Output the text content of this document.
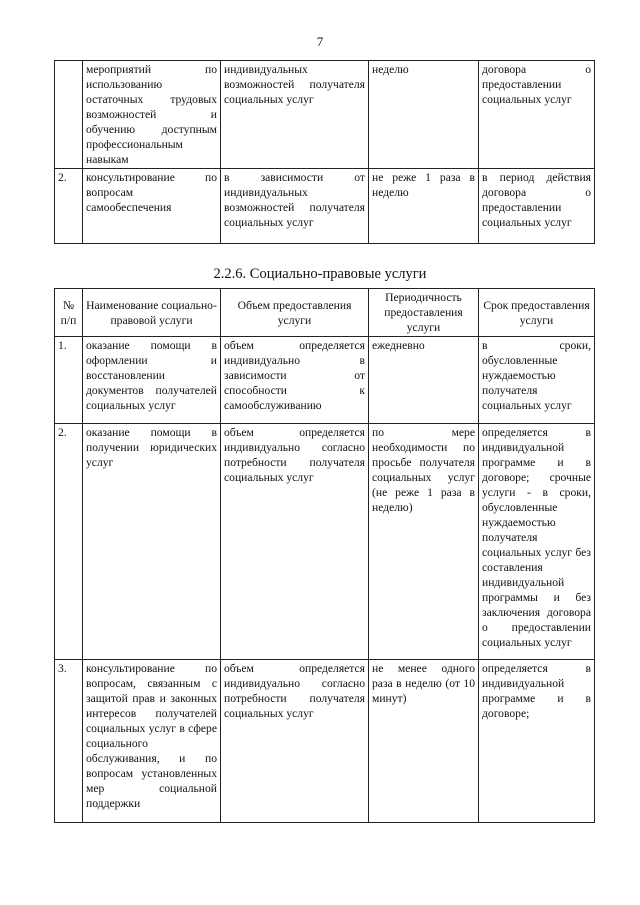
7
	мероприятий по использованию остаточных трудовых возможностей и обучению доступным профессиональным навыкам	индивидуальных возможностей получателя социальных услуг	неделю	договора о предоставлении социальных услуг
2.	консультирование по вопросам самообеспечения	в зависимости от индивидуальных возможностей получателя социальных услуг	не реже 1 раза в неделю	в период действия договора о предоставлении социальных услуг
2.2.6. Социально-правовые услуги
№ п/п	Наименование социально-правовой услуги	Объем предоставления услуги	Периодичность предоставления услуги	Срок предоставления услуги
1.	оказание помощи в оформлении и восстановлении документов получателей социальных услуг	объем определяется индивидуально в зависимости от способности к самообслуживанию	ежедневно	в сроки, обусловленные нуждаемостью получателя социальных услуг
2.	оказание помощи в получении юридических услуг	объем определяется индивидуально согласно потребности получателя социальных услуг	по мере необходимости по просьбе получателя социальных услуг (не реже 1 раза в неделю)	определяется в индивидуальной программе и в договоре; срочные услуги - в сроки, обусловленные нуждаемостью получателя социальных услуг без составления индивидуальной программы и без заключения договора о предоставлении социальных услуг
3.	консультирование по вопросам, связанным с защитой прав и законных интересов получателей социальных услуг в сфере социального обслуживания, и по вопросам установленных мер социальной поддержки	объем определяется индивидуально согласно потребности получателя социальных услуг	не менее одного раза в неделю (от 10 минут)	определяется в индивидуальной программе и в договоре;
